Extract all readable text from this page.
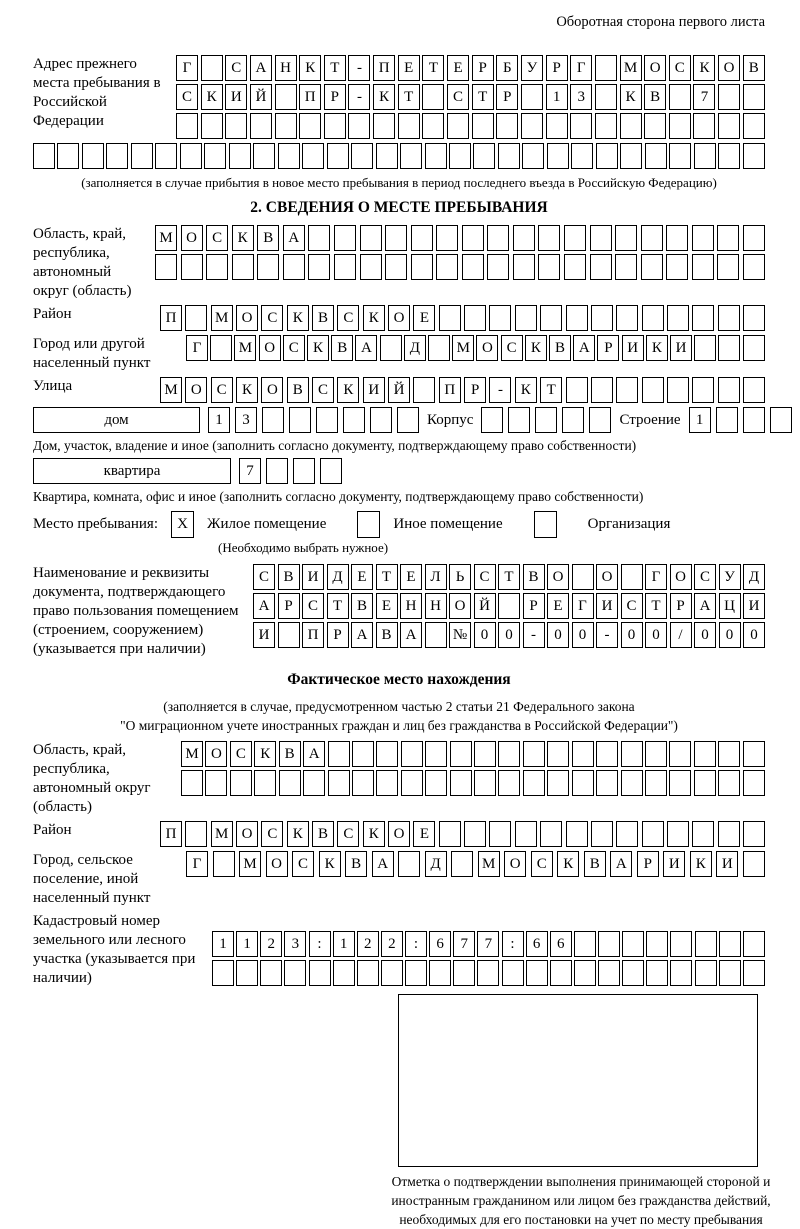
Оборотная сторона первого листа
Адрес прежнего места пребывания в Российской Федерации
Г	С А Н К	Т	-	П Е	Т	Е	Р	Б	У	Р	Г	М О С К О В
С К И Й	П	Р	-	К	Т	С	Т	Р	1	3	К В	7
(заполняется в случае прибытия в новое место пребывания в период последнего въезда в Российскую Федерацию)
2. СВЕДЕНИЯ О МЕСТЕ ПРЕБЫВАНИЯ
Область, край, республика, автономный округ (область)
М О	С	К	В	А
Район	П	М О С	К	В	С	К О	Е
Город или другой населенный пункт
Г	М О С К В А	Д	М О С К В А Р И К И
Улица	М О С	К О В	С	К И Й	П	Р	-	К	Т
дом	1	3	Корпус	Строение	1
Дом, участок, владение и иное (заполнить согласно документу, подтверждающему право собственности)
квартира	7
Квартира, комната, офис и иное (заполнить согласно документу, подтверждающему право собственности)
Место пребывания:	X	Жилое помещение	Иное помещение	Организация
(Необходимо выбрать нужное)
Наименование и реквизиты документа, подтверждающего право пользования помещением (строением, сооружением) (указывается при наличии)
С В И Д Е	Т	Е Л	Ь	С Т В О	О	Г О С У Д
А Р	С Т В Е Н Н О Й	Р	Е	Г И С Т	Р А Ц И
И	П Р А В А	№ 0	0	-	0	0	-	0	0	/	0	0	0
Фактическое место нахождения
(заполняется в случае, предусмотренном частью 2 статьи 21 Федерального закона
"О миграционном учете иностранных граждан и лиц без гражданства в Российской Федерации")
Область, край, республика, автономный округ (область)
М О С К В А
Район	П	М О С	К	В	С	К О	Е
Город, сельское поселение, иной населенный пункт
Г	М О	С	К	В	А	Д	М О	С	К	В	А	Р	И	К	И
Кадастровый номер земельного или лесного участка (указывается при наличии)
1	1	2	3	:	1	2	2	:	6	7	7	:	6	6
Отметка о подтверждении выполнения принимающей стороной и иностранным гражданином или лицом без гражданства действий, необходимых для его постановки на учет по месту пребывания
